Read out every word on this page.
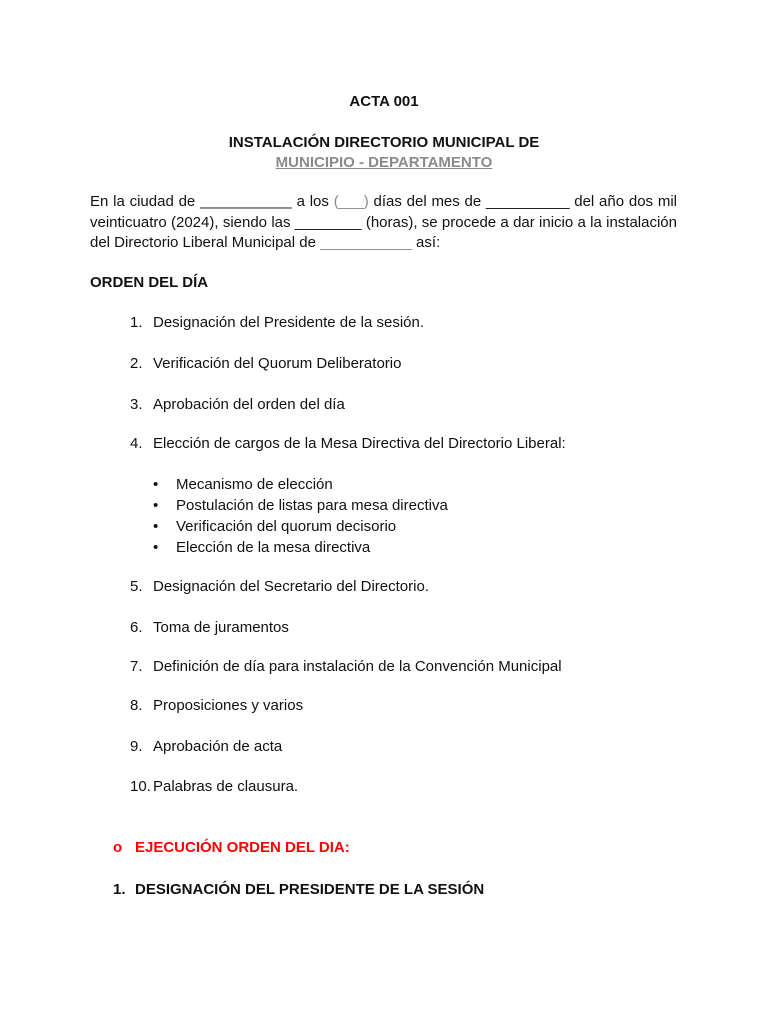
ACTA 001
INSTALACIÓN DIRECTORIO MUNICIPAL DE
MUNICIPIO - DEPARTAMENTO
En la ciudad de ___________ a los (___) días del mes de __________ del año dos mil veinticuatro (2024), siendo las ________ (horas), se procede a dar inicio a la instalación del Directorio Liberal Municipal de ___________ así:
ORDEN DEL DÍA
1. Designación del Presidente de la sesión.
2. Verificación del Quorum Deliberatorio
3. Aprobación del orden del día
4. Elección de cargos de la Mesa Directiva del Directorio Liberal:
• Mecanismo de elección
• Postulación de listas para mesa directiva
• Verificación del quorum decisorio
• Elección de la mesa directiva
5. Designación del Secretario del Directorio.
6. Toma de juramentos
7. Definición de día para instalación de la Convención Municipal
8. Proposiciones y varios
9. Aprobación de acta
10. Palabras de clausura.
o EJECUCIÓN ORDEN DEL DIA:
1. DESIGNACIÓN DEL PRESIDENTE DE LA SESIÓN
